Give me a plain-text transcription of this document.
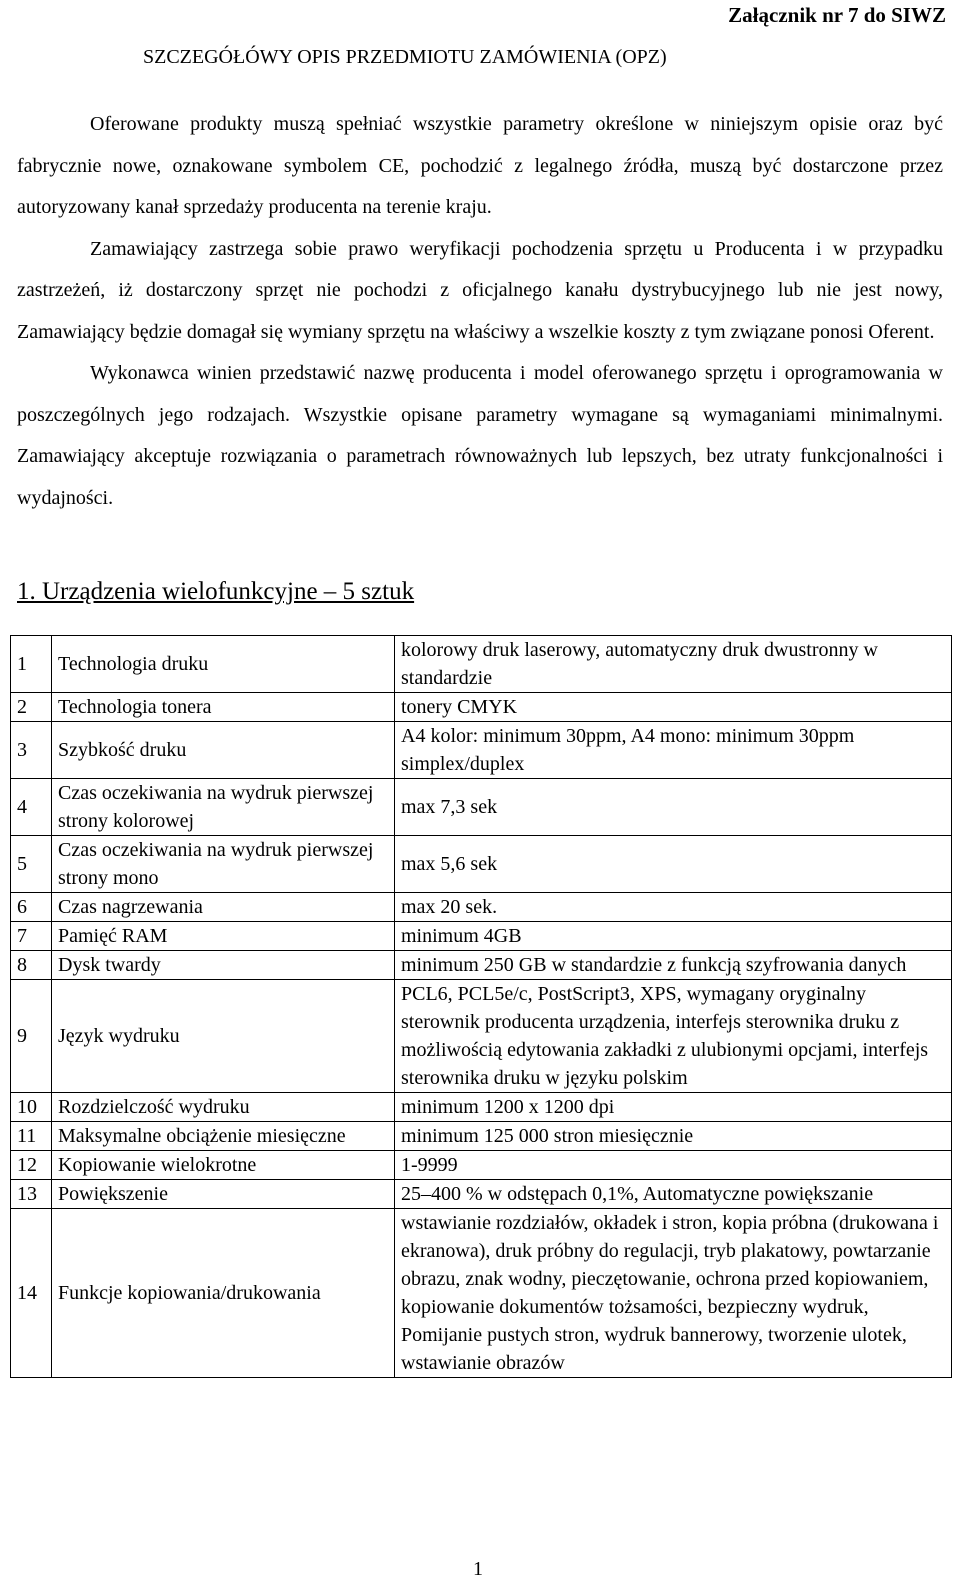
Załącznik nr 7 do SIWZ
SZCZEGÓŁÓWY OPIS PRZEDMIOTU ZAMÓWIENIA (OPZ)

Oferowane produkty muszą spełniać wszystkie parametry określone w niniejszym opisie oraz być fabrycznie nowe, oznakowane symbolem CE, pochodzić z legalnego źródła, muszą być dostarczone przez autoryzowany kanał sprzedaży producenta na terenie kraju.

Zamawiający zastrzega sobie prawo weryfikacji pochodzenia sprzętu u Producenta i w przypadku zastrzeżeń, iż dostarczony sprzęt nie pochodzi z oficjalnego kanału dystrybucyjnego lub nie jest nowy, Zamawiający będzie domagał się wymiany sprzętu na właściwy a wszelkie koszty z tym związane ponosi Oferent.

Wykonawca winien przedstawić nazwę producenta i model oferowanego sprzętu i oprogramowania w poszczególnych jego rodzajach. Wszystkie opisane parametry wymagane są wymaganiami minimalnymi. Zamawiający akceptuje rozwiązania o parametrach równoważnych lub lepszych, bez utraty funkcjonalności i wydajności.

1. Urządzenia wielofunkcyjne – 5 sztuk
1	Technologia druku	kolorowy druk laserowy, automatyczny druk dwustronny w standardzie
2	Technologia tonera	tonery CMYK
3	Szybkość druku	A4 kolor: minimum 30ppm, A4 mono: minimum 30ppm simplex/duplex
4	Czas oczekiwania na wydruk pierwszej strony kolorowej	max 7,3 sek
5	Czas oczekiwania na wydruk pierwszej strony mono	max 5,6 sek
6	Czas nagrzewania	max 20 sek.
7	Pamięć RAM	minimum 4GB
8	Dysk twardy	minimum 250 GB w standardzie z funkcją szyfrowania danych
9	Język wydruku	PCL6, PCL5e/c, PostScript3, XPS, wymagany oryginalny sterownik producenta urządzenia, interfejs sterownika druku z możliwością edytowania zakładki z ulubionymi opcjami, interfejs sterownika druku w języku polskim
10	Rozdzielczość wydruku	minimum 1200 x 1200 dpi
11	Maksymalne obciążenie miesięczne	minimum 125 000 stron miesięcznie
12	Kopiowanie wielokrotne	1-9999
13	Powiększenie	25–400 % w odstępach 0,1%, Automatyczne powiększanie
14	Funkcje kopiowania/drukowania	wstawianie rozdziałów, okładek i stron, kopia próbna (drukowana i ekranowa), druk próbny do regulacji, tryb plakatowy, powtarzanie obrazu, znak wodny, pieczętowanie, ochrona przed kopiowaniem, kopiowanie dokumentów tożsamości, bezpieczny wydruk, Pomijanie pustych stron, wydruk bannerowy, tworzenie ulotek, wstawianie obrazów
1
